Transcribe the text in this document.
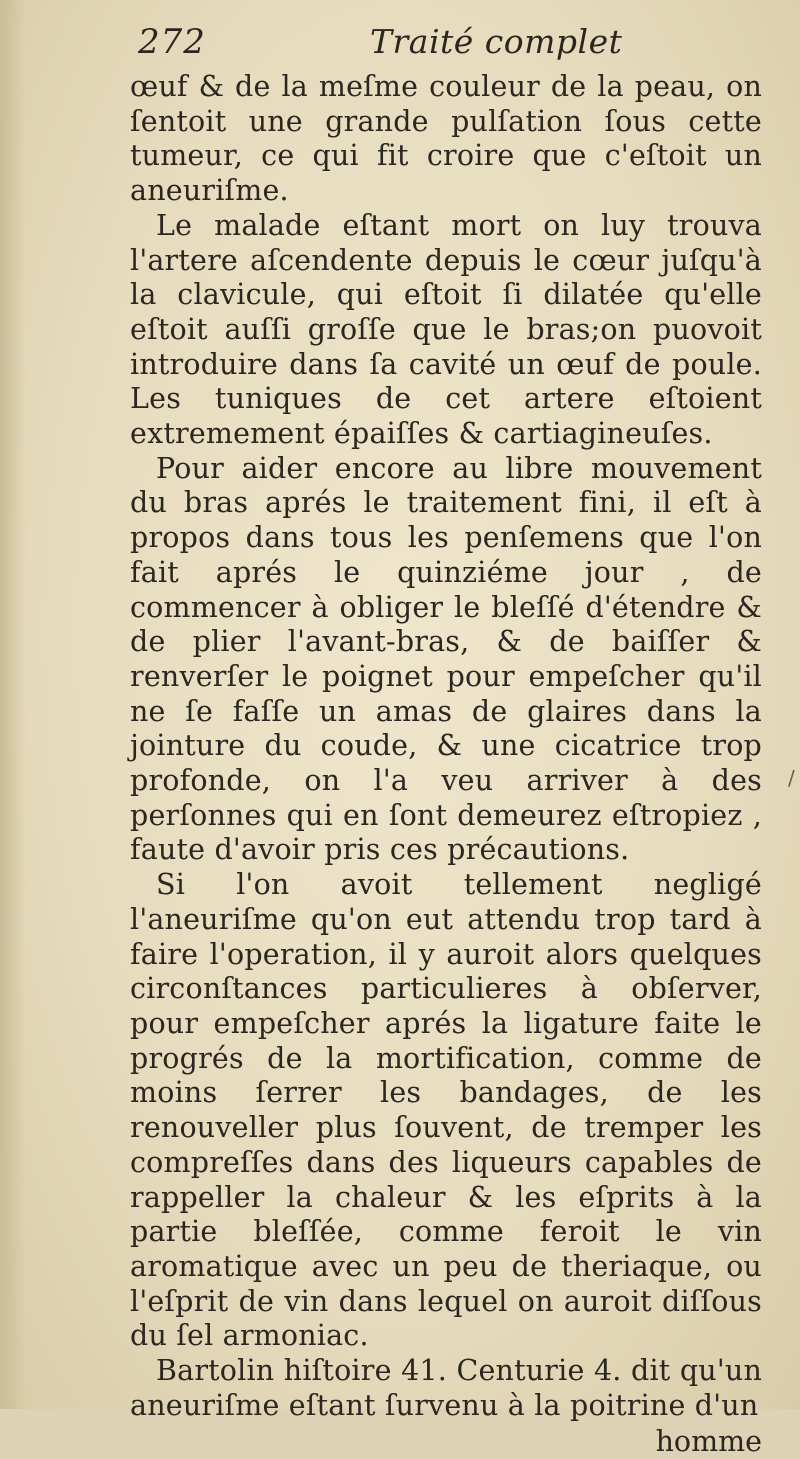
272	Traité complet

œuf & de la meſme couleur de la peau, on ſentoit une grande pulſation ſous cette tumeur, ce qui fit croire que c'eſtoit un aneuriſme.

Le malade eſtant mort on luy trouva l'artere aſcendente depuis le cœur juſqu'à la clavicule, qui eſtoit ſi dilatée qu'elle eſtoit auſſi groſſe que le bras;on puovoit introduire dans ſa cavité un œuf de poule. Les tuniques de cet artere eſtoient extremement épaiſſes & cartiagineuſes.

Pour aider encore au libre mouvement du bras aprés le traitement fini, il eſt à propos dans tous les penſemens que l'on fait aprés le quinziéme jour , de commencer à obliger le bleſſé d'étendre & de plier l'avant-bras, & de baiſſer & renverſer le poignet pour empeſcher qu'il ne ſe faſſe un amas de glaires dans la jointure du coude, & une cicatrice trop profonde, on l'a veu arriver à des perſonnes qui en ſont demeurez eſtropiez , faute d'avoir pris ces précautions.

Si l'on avoit tellement negligé l'aneuriſme qu'on eut attendu trop tard à faire l'operation, il y auroit alors quelques circonſtances particulieres à obſerver, pour empeſcher aprés la ligature faite le progrés de la mortification, comme de moins ſerrer les bandages, de les renouveller plus ſouvent, de tremper les compreſſes dans des liqueurs capables de rappeller la chaleur & les eſprits à la partie bleſſée, comme feroit le vin aromatique avec un peu de theriaque, ou l'eſprit de vin dans lequel on auroit diſſous du ſel armoniac.

Bartolin hiſtoire 41. Centurie 4. dit qu'un aneuriſme eſtant ſurvenu à la poitrine d'un

homme
/
